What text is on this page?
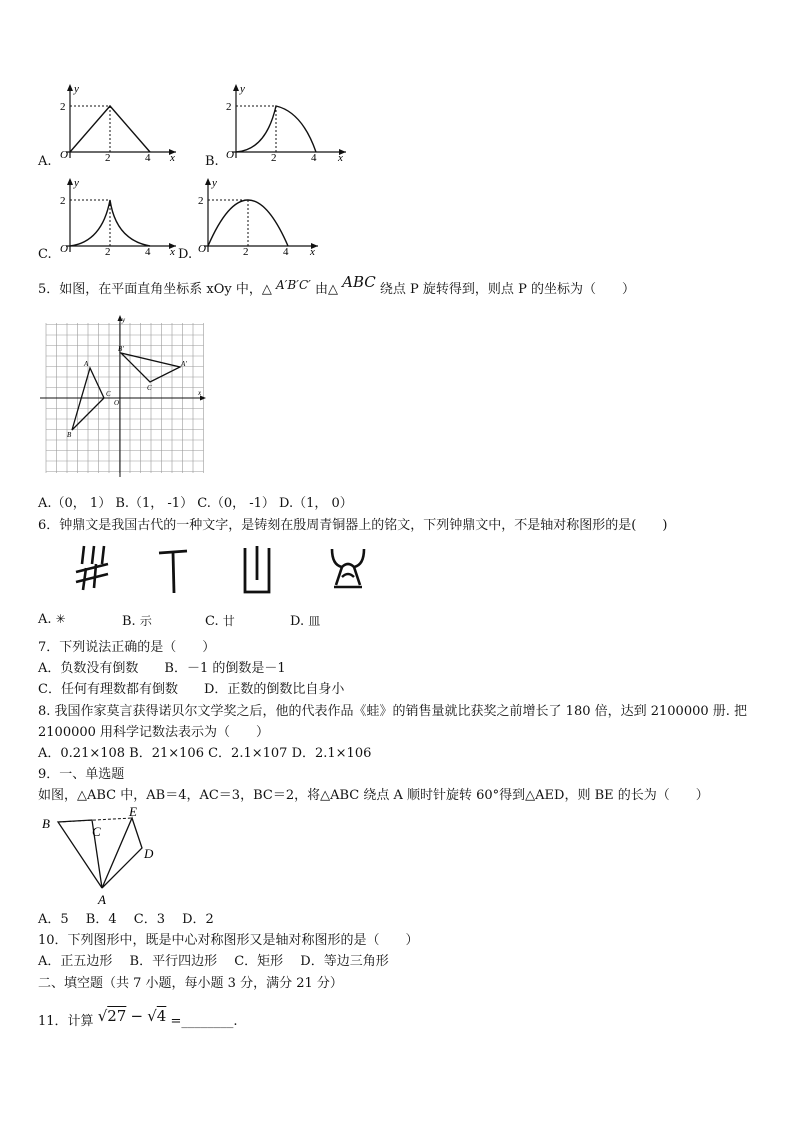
y
x
O
2
2	4
A.
y
x
O
2
2	4
B.
y
x
O
2
2	4
C.
y
x
O
2
2	4
D.
5．如图，在平面直角坐标系 xOy 中，△ A′B′C′ 由△ ABC 绕点 P 旋转得到，则点 P 的坐标为（　　）
x
y
O
A
B
C
B′
A′
C
A.（0， 1） B.（1， -1） C.（0， -1） D.（1， 0）
6．钟鼎文是我国古代的一种文字，是铸刻在殷周青铜器上的铭文，下列钟鼎文中，不是轴对称图形的是(　　)
A. ✳	B. 示	C. 廿	D. 皿
7．下列说法正确的是（　　）
A．负数没有倒数　　B．－1 的倒数是－1
C．任何有理数都有倒数　　D．正数的倒数比自身小
8. 我国作家莫言获得诺贝尔文学奖之后，他的代表作品《蛙》的销售量就比获奖之前增长了 180 倍，达到 2100000 册. 把
2100000 用科学记数法表示为（　　）
A．0.21×108 B．21×106 C．2.1×107 D．2.1×106
9．一、单选题
如图，△ABC 中，AB＝4，AC＝3，BC＝2，将△ABC 绕点 A 顺时针旋转 60°得到△AED，则 BE 的长为（　　）
B
C
E
D
A
A．5　 B．4　 C．3　 D．2
10．下列图形中，既是中心对称图形又是轴对称图形的是（　　）
A．正五边形　 B．平行四边形　 C．矩形　 D．等边三角形
二、填空题（共 7 小题，每小题 3 分，满分 21 分）
11．计算 √27 − √4 =________.
